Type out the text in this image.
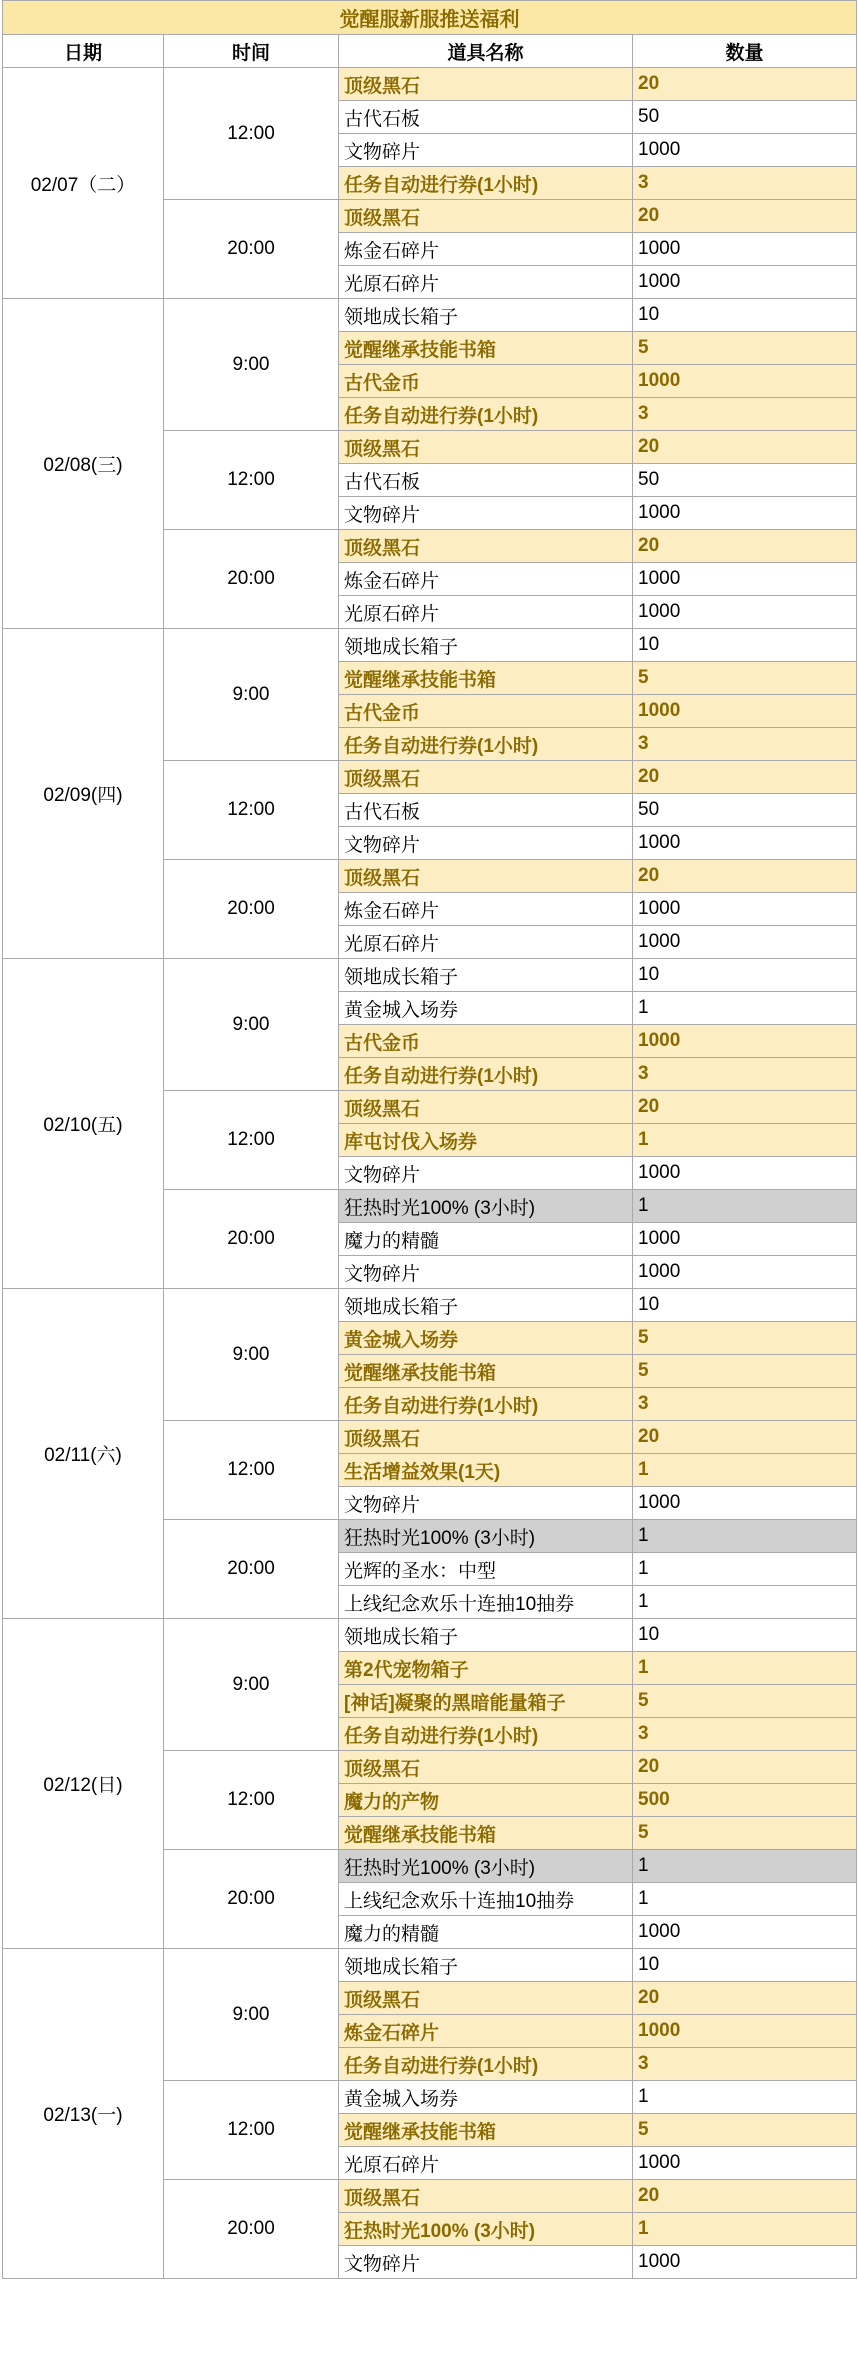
觉醒服新服推送福利			
日期	时间	道具名称	数量
02/07（二）	12:00	顶级黑石	20
		古代石板	50
		文物碎片	1000
		任务自动进行券(1小时)	3
	20:00	顶级黑石	20
		炼金石碎片	1000
		光原石碎片	1000
02/08(三)	9:00	领地成长箱子	10
		觉醒继承技能书箱	5
		古代金币	1000
		任务自动进行券(1小时)	3
	12:00	顶级黑石	20
		古代石板	50
		文物碎片	1000
	20:00	顶级黑石	20
		炼金石碎片	1000
		光原石碎片	1000
02/09(四)	9:00	领地成长箱子	10
		觉醒继承技能书箱	5
		古代金币	1000
		任务自动进行券(1小时)	3
	12:00	顶级黑石	20
		古代石板	50
		文物碎片	1000
	20:00	顶级黑石	20
		炼金石碎片	1000
		光原石碎片	1000
02/10(五)	9:00	领地成长箱子	10
		黄金城入场券	1
		古代金币	1000
		任务自动进行券(1小时)	3
	12:00	顶级黑石	20
		库屯讨伐入场券	1
		文物碎片	1000
	20:00	狂热时光100% (3小时)	1
		魔力的精髓	1000
		文物碎片	1000
02/11(六)	9:00	领地成长箱子	10
		黄金城入场券	5
		觉醒继承技能书箱	5
		任务自动进行券(1小时)	3
	12:00	顶级黑石	20
		生活增益效果(1天)	1
		文物碎片	1000
	20:00	狂热时光100% (3小时)	1
		光辉的圣水：中型	1
		上线纪念欢乐十连抽10抽券	1
02/12(日)	9:00	领地成长箱子	10
		第2代宠物箱子	1
		[神话]凝聚的黑暗能量箱子	5
		任务自动进行券(1小时)	3
	12:00	顶级黑石	20
		魔力的产物	500
		觉醒继承技能书箱	5
	20:00	狂热时光100% (3小时)	1
		上线纪念欢乐十连抽10抽券	1
		魔力的精髓	1000
02/13(一)	9:00	领地成长箱子	10
		顶级黑石	20
		炼金石碎片	1000
		任务自动进行券(1小时)	3
	12:00	黄金城入场券	1
		觉醒继承技能书箱	5
		光原石碎片	1000
	20:00	顶级黑石	20
		狂热时光100% (3小时)	1
		文物碎片	1000
